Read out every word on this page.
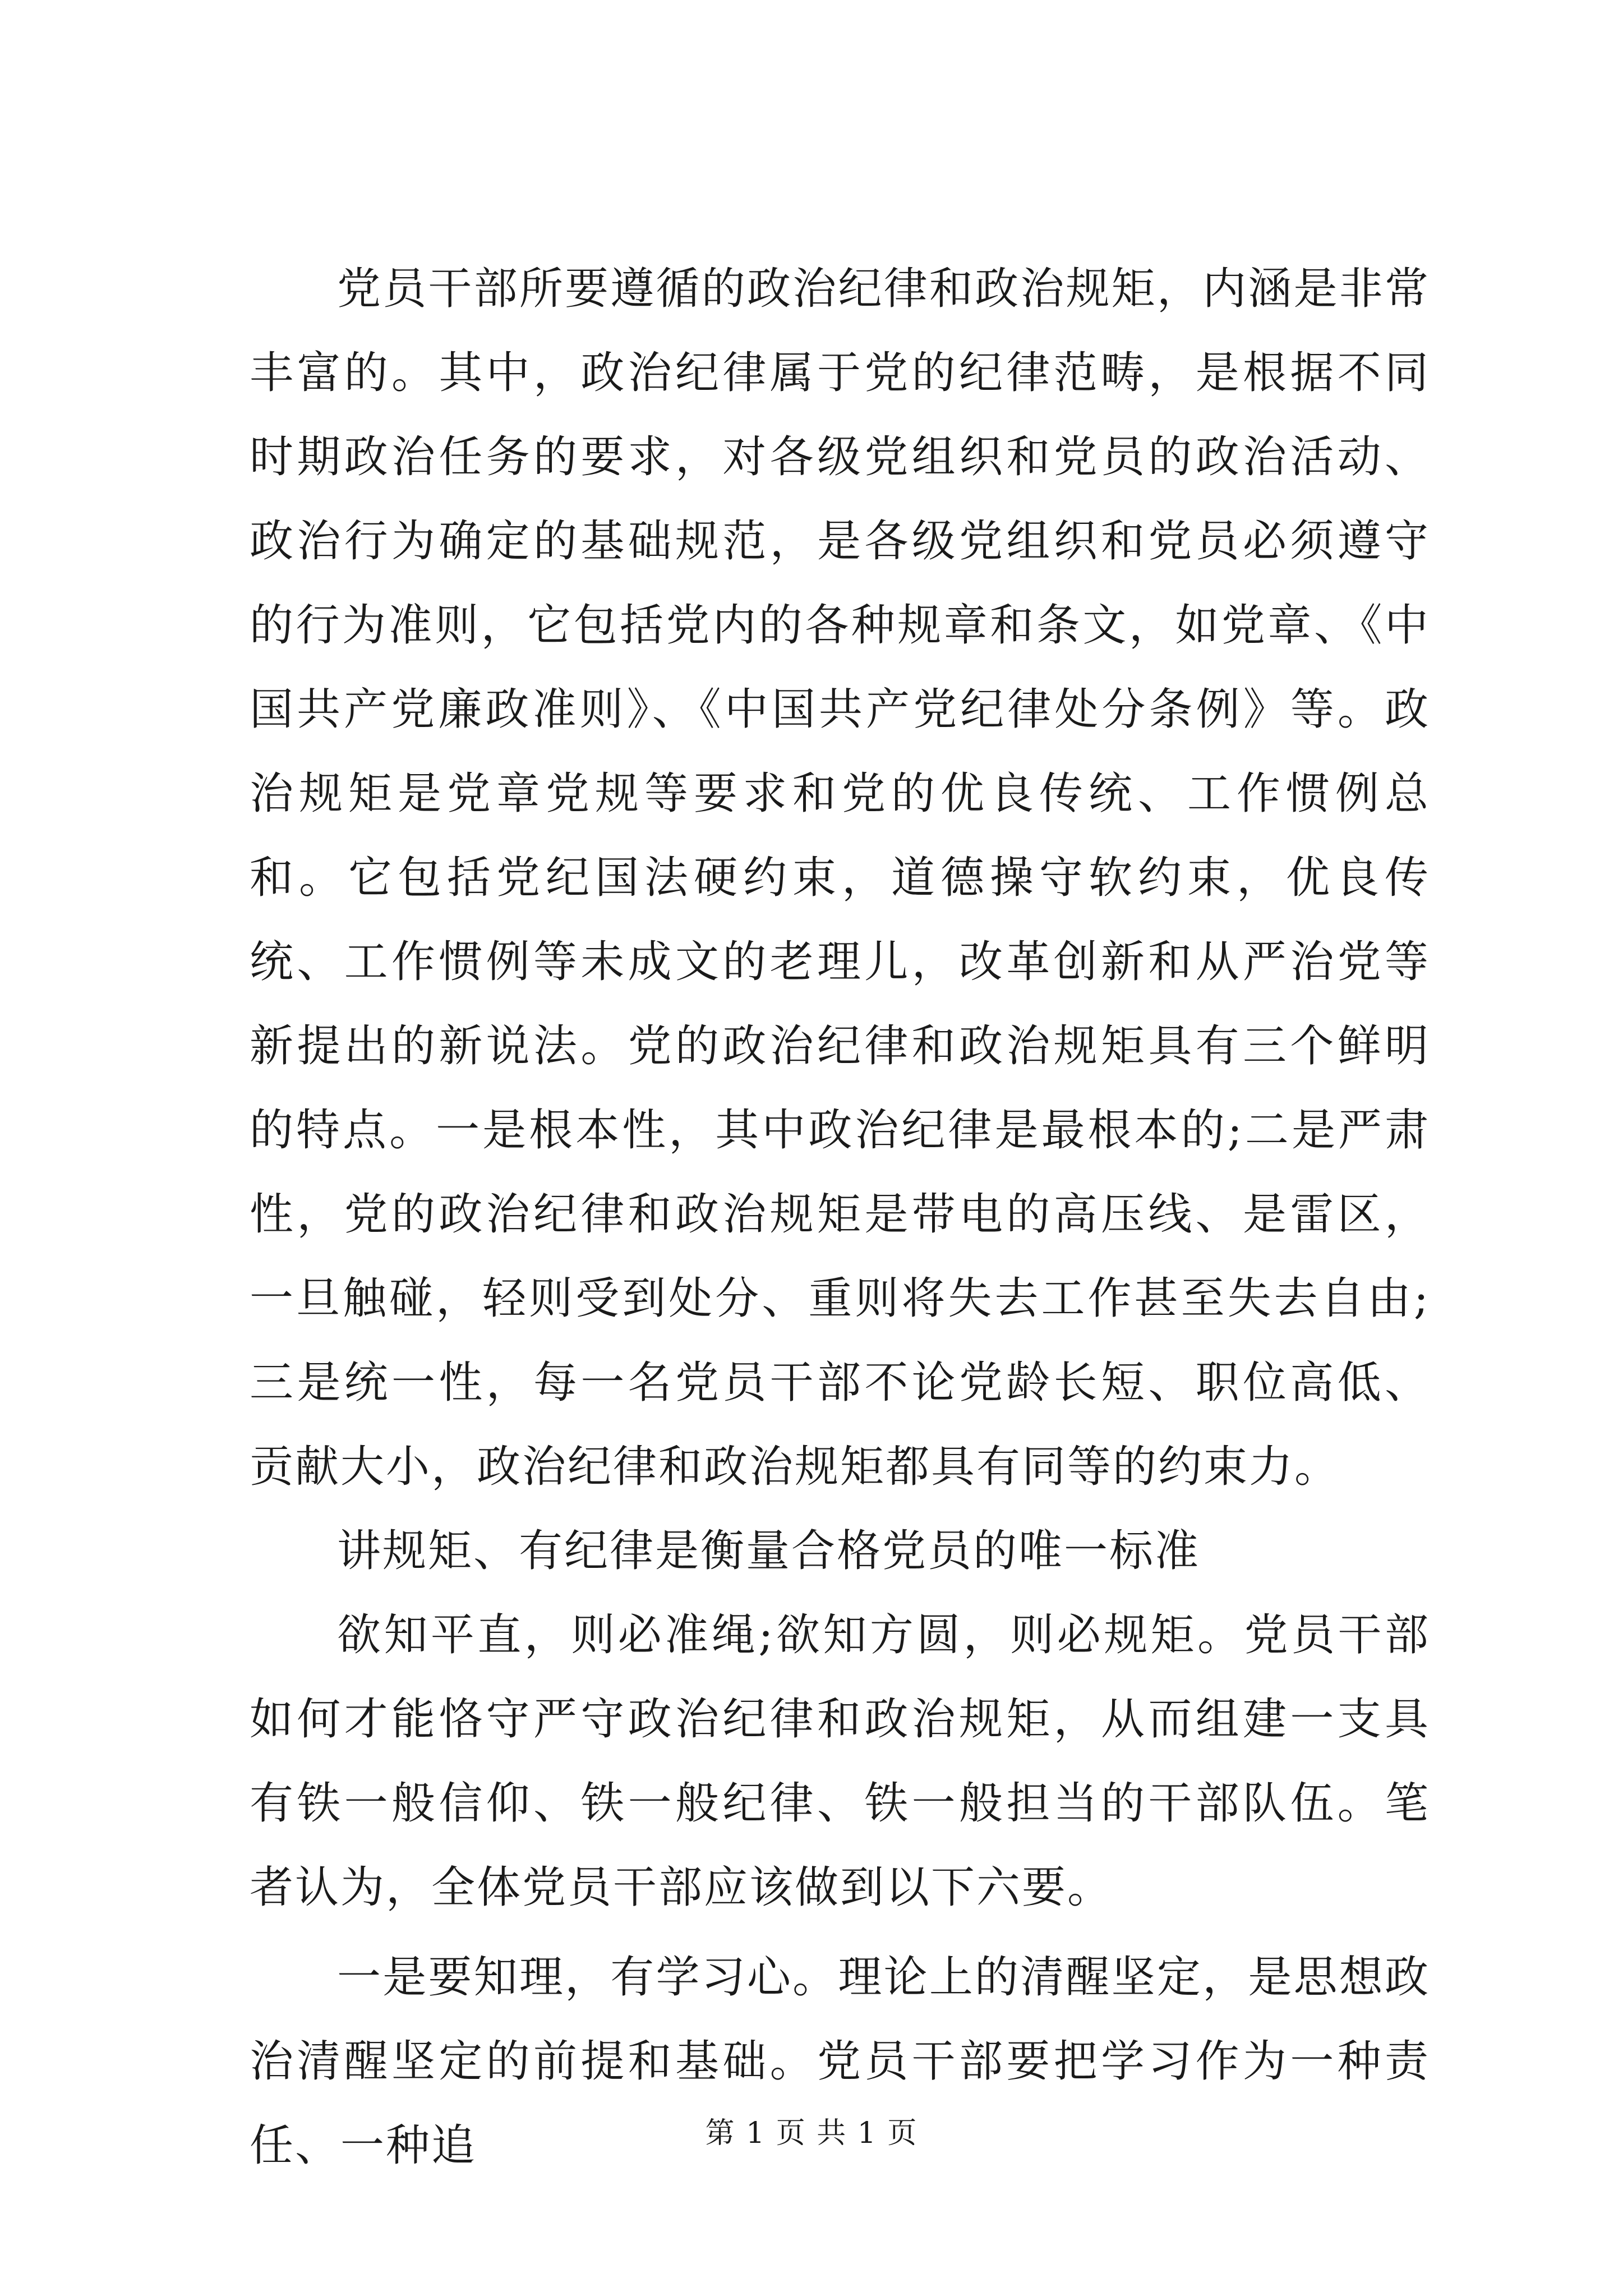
党员干部所要遵循的政治纪律和政治规矩，内涵是非常丰富的。其中，政治纪律属于党的纪律范畴，是根据不同时期政治任务的要求，对各级党组织和党员的政治活动、政治行为确定的基础规范，是各级党组织和党员必须遵守的行为准则，它包括党内的各种规章和条文，如党章、《中国共产党廉政准则》、《中国共产党纪律处分条例》等。政治规矩是党章党规等要求和党的优良传统、工作惯例总和。它包括党纪国法硬约束，道德操守软约束，优良传统、工作惯例等未成文的老理儿，改革创新和从严治党等新提出的新说法。党的政治纪律和政治规矩具有三个鲜明的特点。一是根本性，其中政治纪律是最根本的;二是严肃性，党的政治纪律和政治规矩是带电的高压线、是雷区，一旦触碰，轻则受到处分、重则将失去工作甚至失去自由;三是统一性，每一名党员干部不论党龄长短、职位高低、贡献大小，政治纪律和政治规矩都具有同等的约束力。

讲规矩、有纪律是衡量合格党员的唯一标准

欲知平直，则必准绳;欲知方圆，则必规矩。党员干部如何才能恪守严守政治纪律和政治规矩，从而组建一支具有铁一般信仰、铁一般纪律、铁一般担当的干部队伍。笔者认为，全体党员干部应该做到以下六要。

一是要知理，有学习心。理论上的清醒坚定，是思想政治清醒坚定的前提和基础。党员干部要把学习作为一种责任、一种追	第 1 页 共 1 页
